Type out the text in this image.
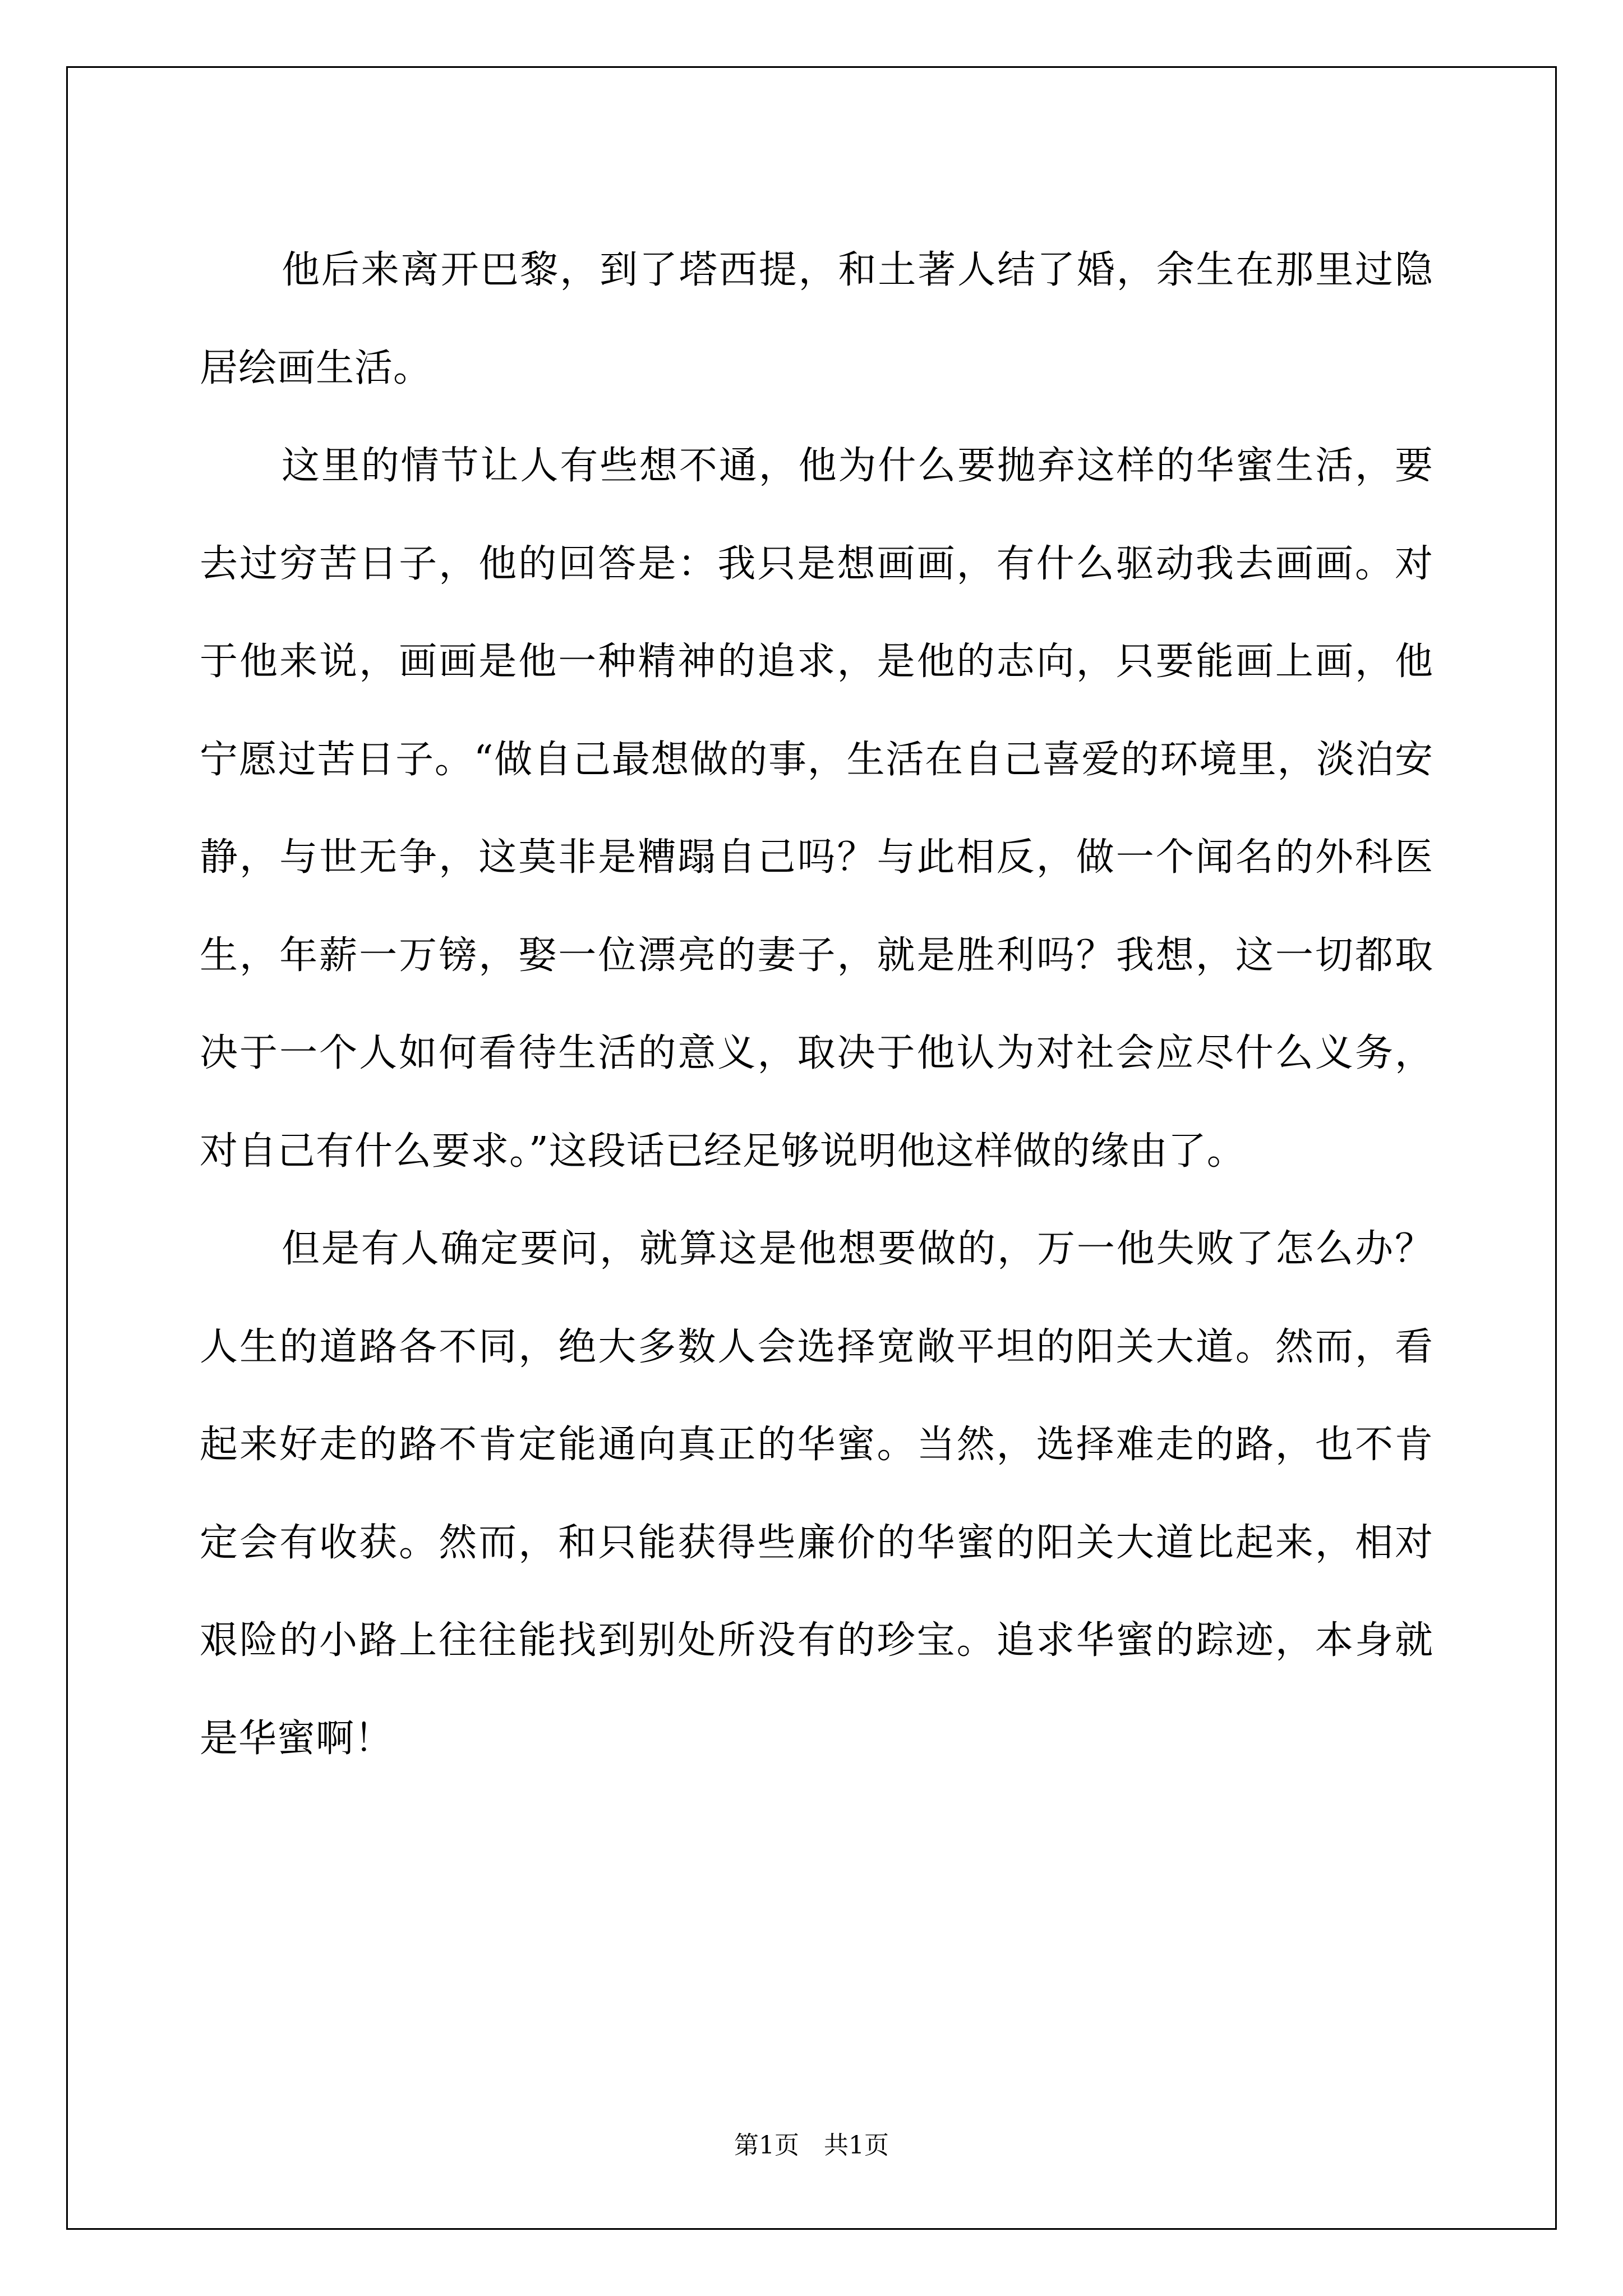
他后来离开巴黎，到了塔西提，和土著人结了婚，余生在那里过隐居绘画生活。

这里的情节让人有些想不通，他为什么要抛弃这样的华蜜生活，要去过穷苦日子，他的回答是：我只是想画画，有什么驱动我去画画。对于他来说，画画是他一种精神的追求，是他的志向，只要能画上画，他宁愿过苦日子。“做自己最想做的事，生活在自己喜爱的环境里，淡泊安静，与世无争，这莫非是糟蹋自己吗？与此相反，做一个闻名的外科医生，年薪一万镑，娶一位漂亮的妻子，就是胜利吗？我想，这一切都取决于一个人如何看待生活的意义，取决于他认为对社会应尽什么义务，对自己有什么要求。”这段话已经足够说明他这样做的缘由了。

但是有人确定要问，就算这是他想要做的，万一他失败了怎么办？人生的道路各不同，绝大多数人会选择宽敞平坦的阳关大道。然而，看起来好走的路不肯定能通向真正的华蜜。当然，选择难走的路，也不肯定会有收获。然而，和只能获得些廉价的华蜜的阳关大道比起来，相对艰险的小路上往往能找到别处所没有的珍宝。追求华蜜的踪迹，本身就是华蜜啊！

第1页 共1页
